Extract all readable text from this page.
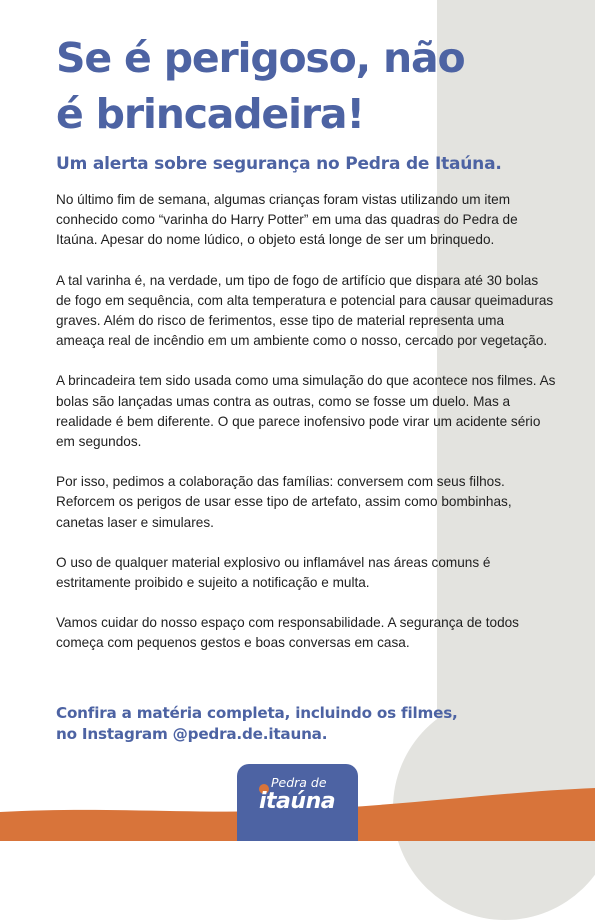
Se é perigoso, não
é brincadeira!
Um alerta sobre segurança no Pedra de Itaúna.

No último fim de semana, algumas crianças foram vistas utilizando um item conhecido como “varinha do Harry Potter” em uma das quadras do Pedra de Itaúna. Apesar do nome lúdico, o objeto está longe de ser um brinquedo.

A tal varinha é, na verdade, um tipo de fogo de artifício que dispara até 30 bolas de fogo em sequência, com alta temperatura e potencial para causar queimaduras graves. Além do risco de ferimentos, esse tipo de material representa uma ameaça real de incêndio em um ambiente como o nosso, cercado por vegetação.

A brincadeira tem sido usada como uma simulação do que acontece nos filmes. As bolas são lançadas umas contra as outras, como se fosse um duelo. Mas a realidade é bem diferente. O que parece inofensivo pode virar um acidente sério em segundos.

Por isso, pedimos a colaboração das famílias: conversem com seus filhos. Reforcem os perigos de usar esse tipo de artefato, assim como bombinhas, canetas laser e simulares.

O uso de qualquer material explosivo ou inflamável nas áreas comuns é estritamente proibido e sujeito a notificação e multa.

Vamos cuidar do nosso espaço com responsabilidade. A segurança de todos começa com pequenos gestos e boas conversas em casa.

Confira a matéria completa, incluindo os filmes,
no Instagram @pedra.de.itauna.

Pedra de
itaúna
